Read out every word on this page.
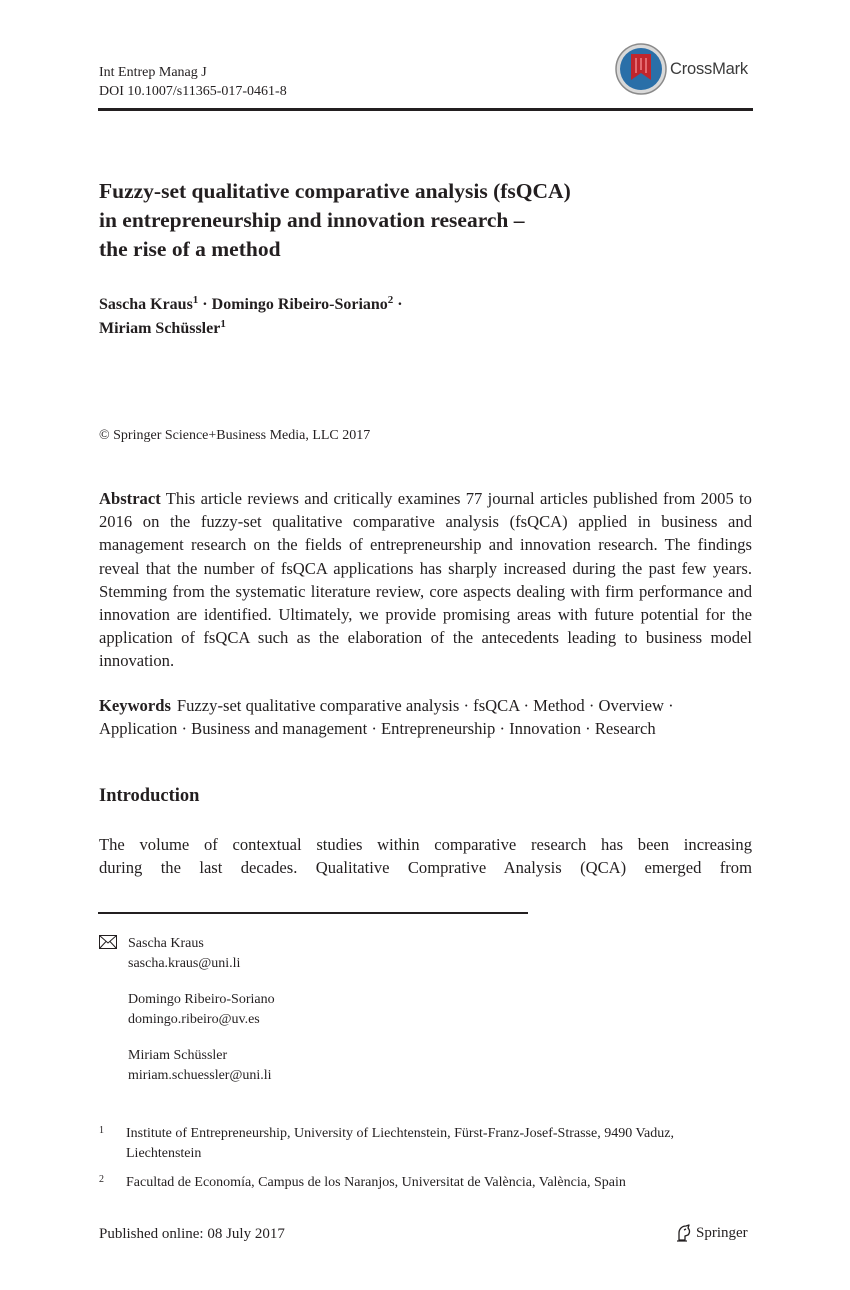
Int Entrep Manag J
DOI 10.1007/s11365-017-0461-8
CrossMark
Fuzzy-set qualitative comparative analysis (fsQCA)
in entrepreneurship and innovation research –
the rise of a method
Sascha Kraus$^1$ · Domingo Ribeiro-Soriano$^2$ ·
Miriam Schüssler$^1$
© Springer Science+Business Media, LLC 2017
Abstract This article reviews and critically examines 77 journal articles published from 2005 to 2016 on the fuzzy-set qualitative comparative analysis (fsQCA) applied in business and management research on the fields of entrepreneurship and innovation research. The findings reveal that the number of fsQCA applications has sharply increased during the past few years. Stemming from the systematic literature review, core aspects dealing with firm performance and innovation are identified. Ultimately, we provide promising areas with future potential for the application of fsQCA such as the elaboration of the antecedents leading to business model innovation.
Keywords Fuzzy-set qualitative comparative analysis · fsQCA · Method · Overview ·
Application · Business and management · Entrepreneurship · Innovation · Research
Introduction
The volume of contextual studies within comparative research has been increasing
during the last decades. Qualitative Comprative Analysis (QCA) emerged from
Sascha Kraus
sascha.kraus@uni.li
Domingo Ribeiro-Soriano
domingo.ribeiro@uv.es
Miriam Schüssler
miriam.schuessler@uni.li
1	Institute of Entrepreneurship, University of Liechtenstein, Fürst-Franz-Josef-Strasse, 9490 Vaduz, Liechtenstein
2	Facultad de Economía, Campus de los Naranjos, Universitat de València, València, Spain
Published online: 08 July 2017	Springer
